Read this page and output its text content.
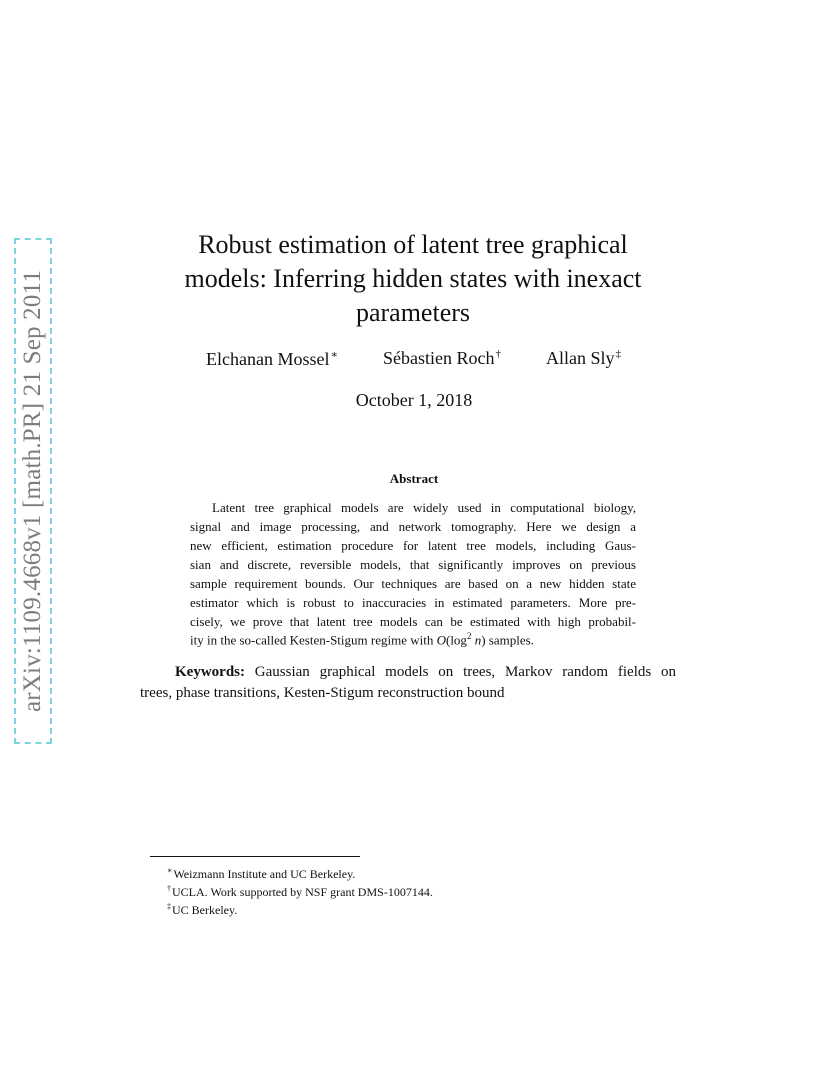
arXiv:1109.4668v1 [math.PR] 21 Sep 2011
Robust estimation of latent tree graphical
models: Inferring hidden states with inexact
parameters
Elchanan Mossel∗	Sébastien Roch†	Allan Sly‡
October 1, 2018
Abstract
Latent tree graphical models are widely used in computational biology,
signal and image processing, and network tomography. Here we design a
new efficient, estimation procedure for latent tree models, including Gaus-
sian and discrete, reversible models, that significantly improves on previous
sample requirement bounds. Our techniques are based on a new hidden state
estimator which is robust to inaccuracies in estimated parameters. More pre-
cisely, we prove that latent tree models can be estimated with high probabil-
ity in the so-called Kesten-Stigum regime with $O(\log^2$ n) samples.
Keywords: Gaussian graphical models on trees, Markov random fields on
trees, phase transitions, Kesten-Stigum reconstruction bound
∗Weizmann Institute and UC Berkeley.
†UCLA. Work supported by NSF grant DMS-1007144.
‡UC Berkeley.
